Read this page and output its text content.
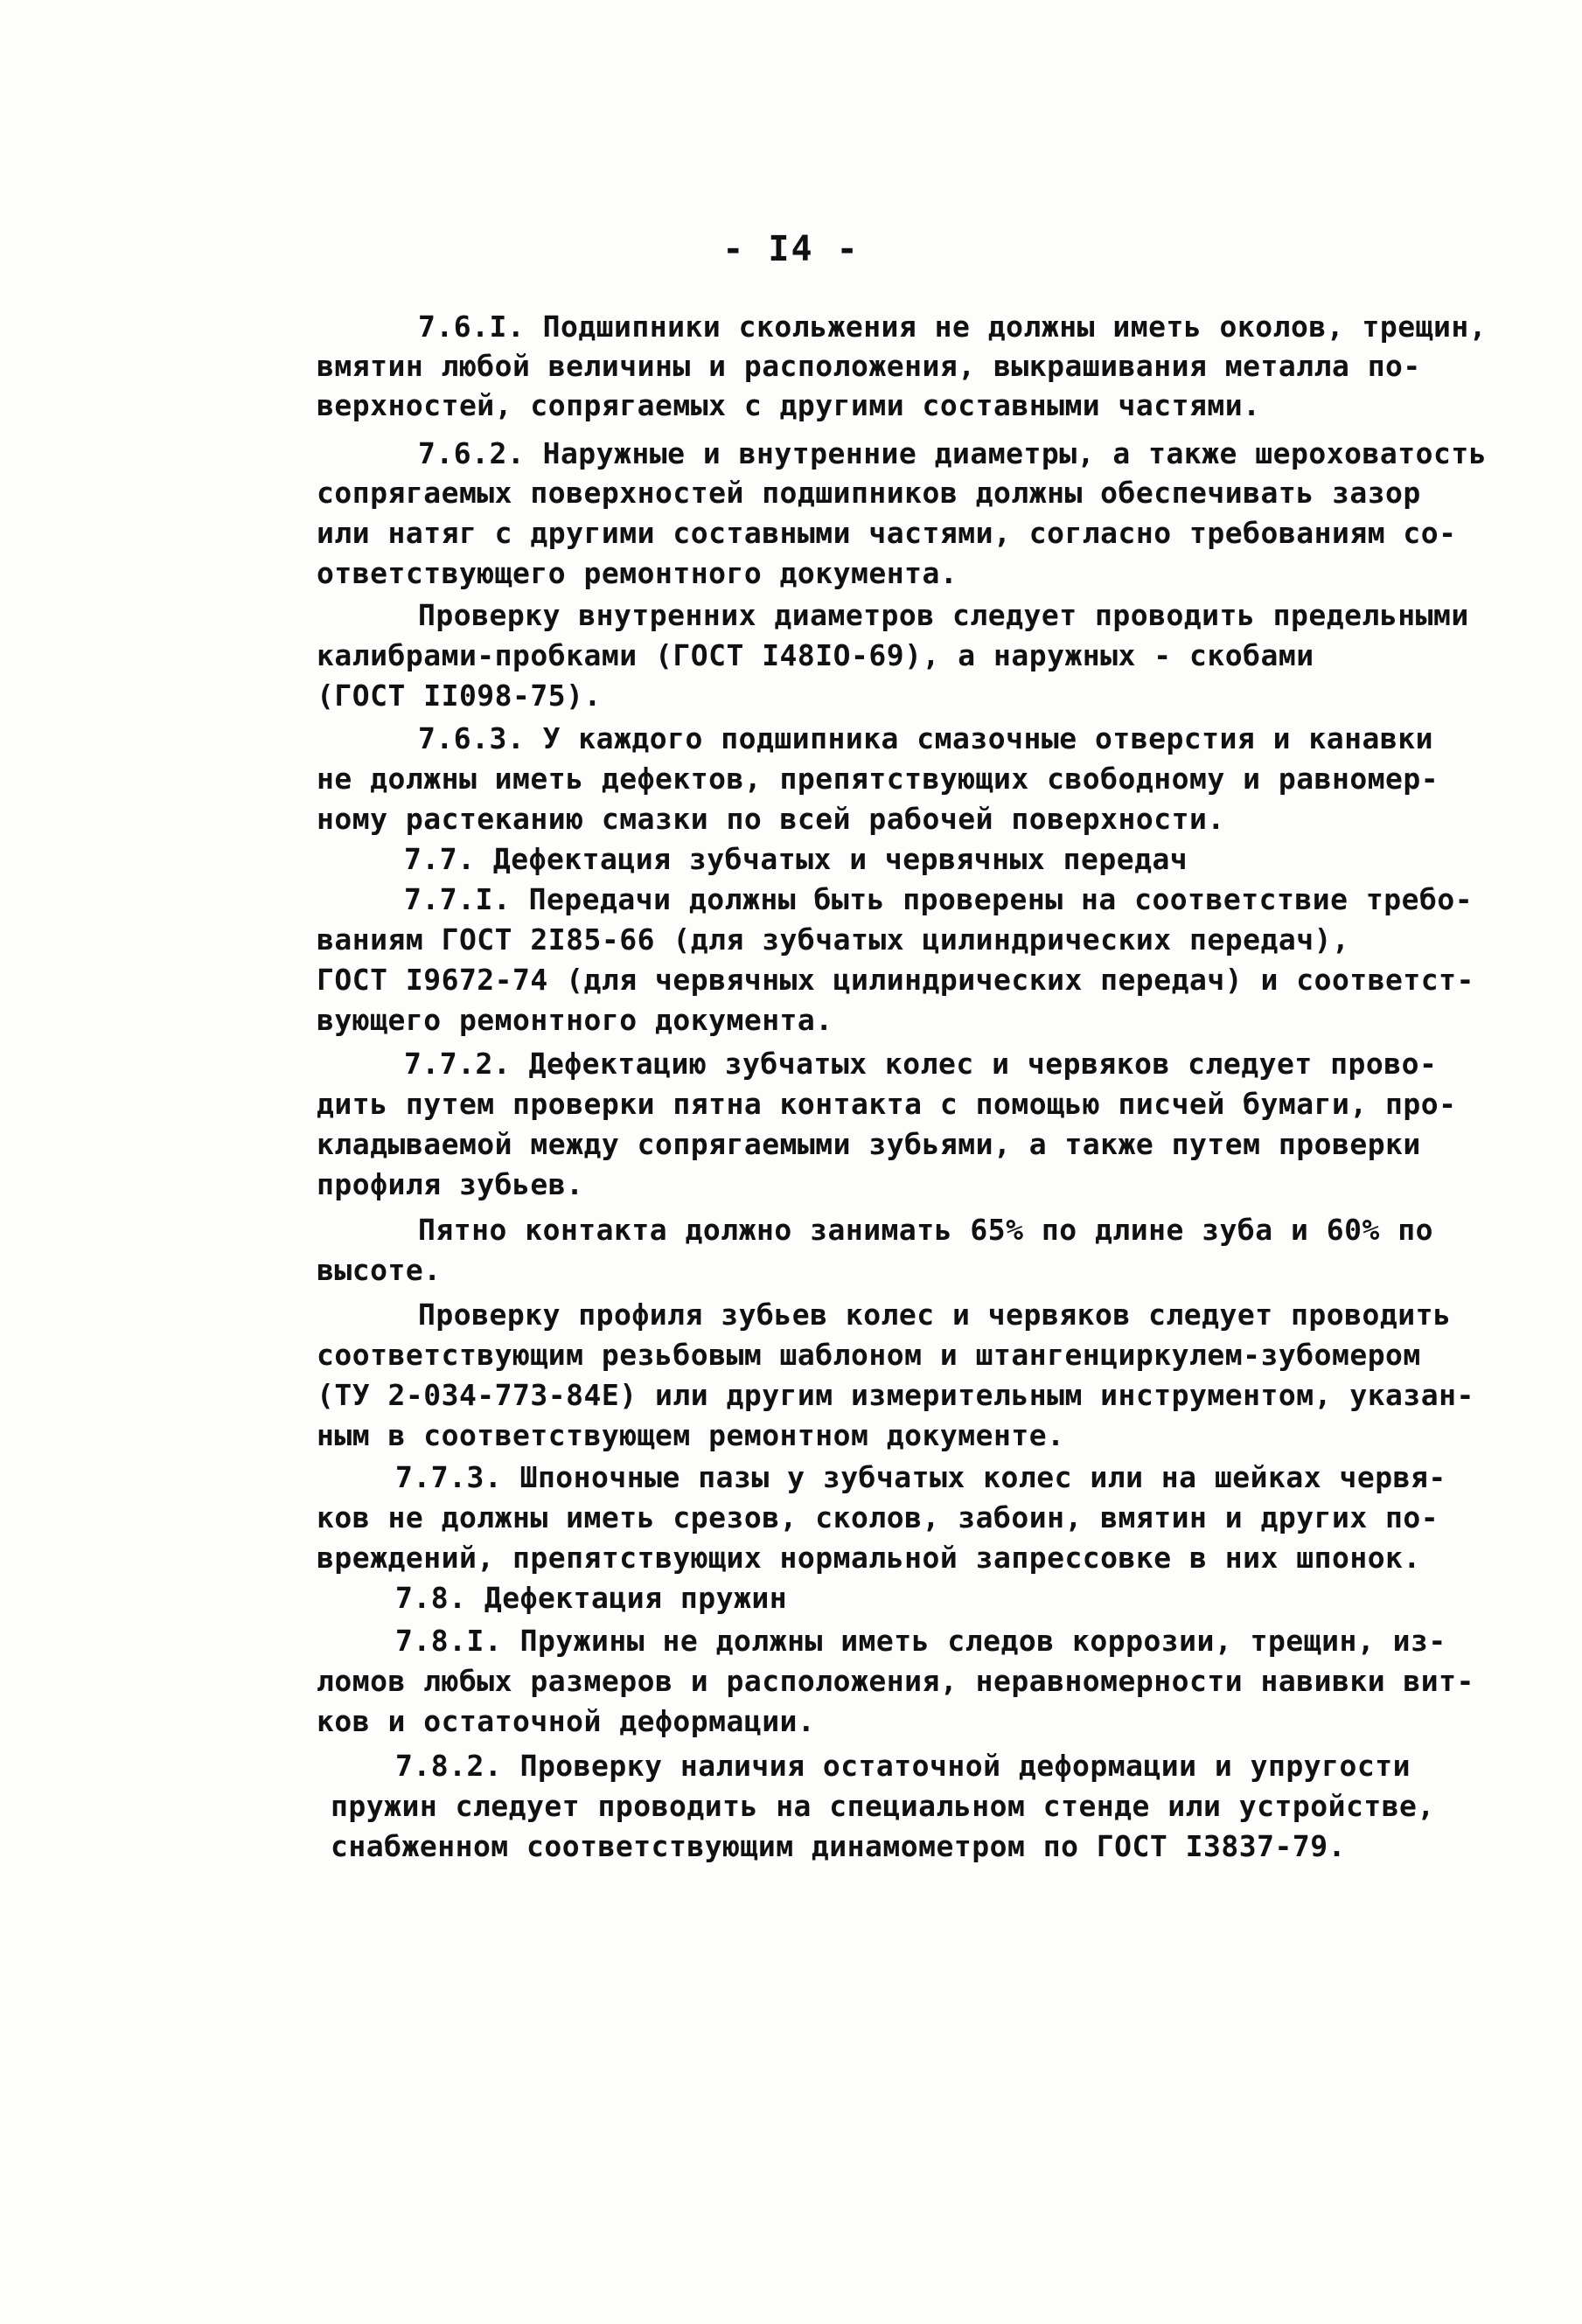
- I4 -
7.6.I. Подшипники скольжения не должны иметь околов, трещин,
вмятин любой величины и расположения, выкрашивания металла по-
верхностей, сопрягаемых с другими составными частями.
7.6.2. Наружные и внутренние диаметры, а также шероховатость
сопрягаемых поверхностей подшипников должны обеспечивать зазор
или натяг с другими составными частями, согласно требованиям со-
ответствующего ремонтного документа.
Проверку внутренних диаметров следует проводить предельными
калибрами-пробками (ГОСТ I48IO-69), а наружных - скобами
(ГОСТ II098-75).
7.6.3. У каждого подшипника смазочные отверстия и канавки
не должны иметь дефектов, препятствующих свободному и равномер-
ному растеканию смазки по всей рабочей поверхности.
7.7. Дефектация зубчатых и червячных передач
7.7.I. Передачи должны быть проверены на соответствие требо-
ваниям ГОСТ 2I85-66 (для зубчатых цилиндрических передач),
ГОСТ I9672-74 (для червячных цилиндрических передач) и соответст-
вующего ремонтного документа.
7.7.2. Дефектацию зубчатых колес и червяков следует прово-
дить путем проверки пятна контакта с помощью писчей бумаги, про-
кладываемой между сопрягаемыми зубьями, а также путем проверки
профиля зубьев.
Пятно контакта должно занимать 65% по длине зуба и 60% по
высоте.
Проверку профиля зубьев колес и червяков следует проводить
соответствующим резьбовым шаблоном и штангенциркулем-зубомером
(ТУ 2-034-773-84Е) или другим измерительным инструментом, указан-
ным в соответствующем ремонтном документе.
7.7.3. Шпоночные пазы у зубчатых колес или на шейках червя-
ков не должны иметь срезов, сколов, забоин, вмятин и других по-
вреждений, препятствующих нормальной запрессовке в них шпонок.
7.8. Дефектация пружин
7.8.I. Пружины не должны иметь следов коррозии, трещин, из-
ломов любых размеров и расположения, неравномерности навивки вит-
ков и остаточной деформации.
7.8.2. Проверку наличия остаточной деформации и упругости
пружин следует проводить на специальном стенде или устройстве,
снабженном соответствующим динамометром по ГОСТ I3837-79.
